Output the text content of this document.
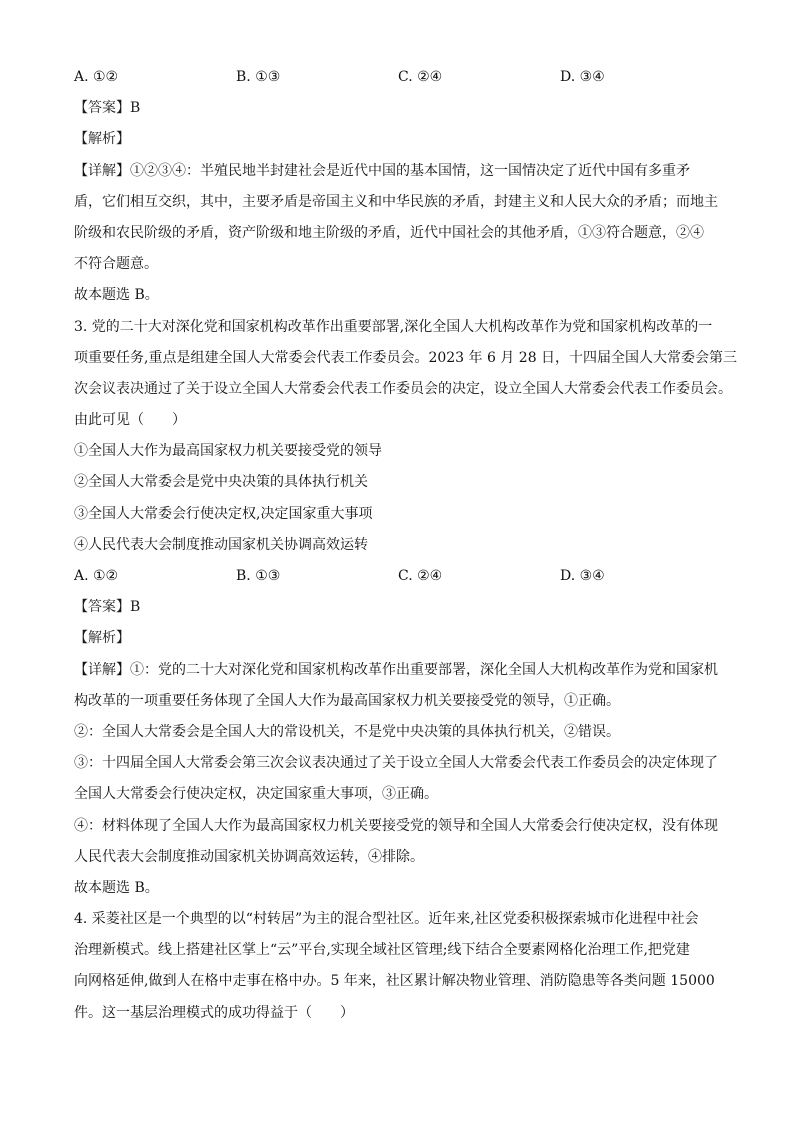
A. ①②	B. ①③	C. ②④	D. ③④
【答案】B
【解析】
【详解】①②③④：半殖民地半封建社会是近代中国的基本国情，这一国情决定了近代中国有多重矛
盾，它们相互交织，其中，主要矛盾是帝国主义和中华民族的矛盾，封建主义和人民大众的矛盾；而地主
阶级和农民阶级的矛盾，资产阶级和地主阶级的矛盾，近代中国社会的其他矛盾，①③符合题意，②④
不符合题意。
故本题选 B。
3. 党的二十大对深化党和国家机构改革作出重要部署,深化全国人大机构改革作为党和国家机构改革的一
项重要任务,重点是组建全国人大常委会代表工作委员会。2023 年 6 月 28 日，十四届全国人大常委会第三
次会议表决通过了关于设立全国人大常委会代表工作委员会的决定，设立全国人大常委会代表工作委员会。
由此可见（　　）
①全国人大作为最高国家权力机关要接受党的领导
②全国人大常委会是党中央决策的具体执行机关
③全国人大常委会行使决定权,决定国家重大事项
④人民代表大会制度推动国家机关协调高效运转
A. ①②	B. ①③	C. ②④	D. ③④
【答案】B
【解析】
【详解】①：党的二十大对深化党和国家机构改革作出重要部署，深化全国人大机构改革作为党和国家机
构改革的一项重要任务体现了全国人大作为最高国家权力机关要接受党的领导，①正确。
②：全国人大常委会是全国人大的常设机关，不是党中央决策的具体执行机关，②错误。
③：十四届全国人大常委会第三次会议表决通过了关于设立全国人大常委会代表工作委员会的决定体现了
全国人大常委会行使决定权，决定国家重大事项，③正确。
④：材料体现了全国人大作为最高国家权力机关要接受党的领导和全国人大常委会行使决定权，没有体现
人民代表大会制度推动国家机关协调高效运转，④排除。
故本题选 B。
4. 采菱社区是一个典型的以“村转居”为主的混合型社区。近年来,社区党委积极探索城市化进程中社会
治理新模式。线上搭建社区掌上“云”平台,实现全域社区管理;线下结合全要素网格化治理工作,把党建
向网格延伸,做到人在格中走事在格中办。5 年来，社区累计解决物业管理、消防隐患等各类问题 15000
件。这一基层治理模式的成功得益于（　　）
